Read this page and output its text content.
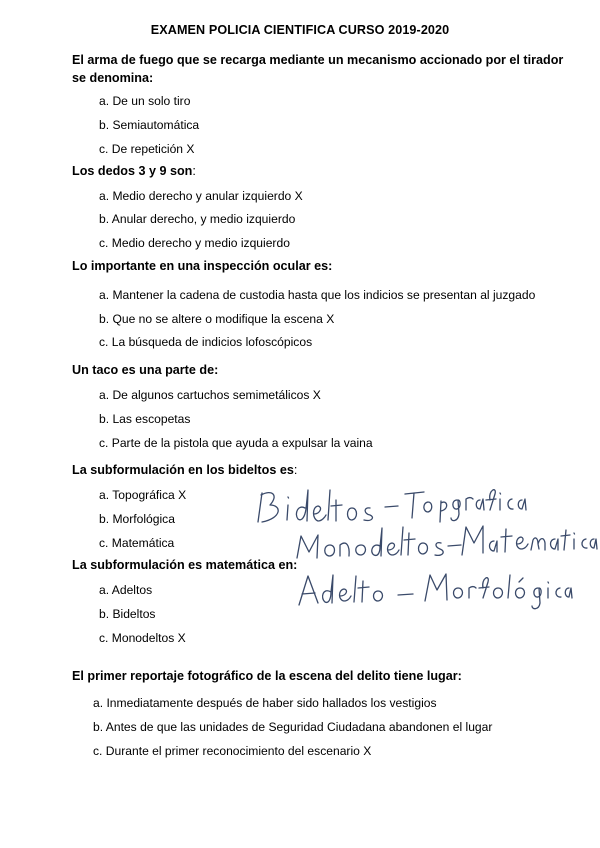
EXAMEN POLICIA CIENTIFICA CURSO 2019-2020
El arma de fuego que se recarga mediante un mecanismo accionado por el tirador se denomina:
a. De un solo tiro
b. Semiautomática
c. De repetición X
Los dedos 3 y 9 son:
a. Medio derecho y anular izquierdo X
b. Anular derecho, y medio izquierdo
c. Medio derecho y medio izquierdo
Lo importante en una inspección ocular es:
a. Mantener la cadena de custodia hasta que los indicios se presentan al juzgado
b. Que no se altere o modifique la escena X
c. La búsqueda de indicios lofoscópicos
Un taco es una parte de:
a. De algunos cartuchos semimetálicos X
b. Las escopetas
c. Parte de la pistola que ayuda a expulsar la vaina
La subformulación en los bideltos es:
a. Topográfica X
b. Morfológica
c. Matemática
La subformulación es matemática en:
a. Adeltos
b. Bideltos
c. Monodeltos X
El primer reportaje fotográfico de la escena del delito tiene lugar:
a. Inmediatamente después de haber sido hallados los vestigios
b. Antes de que las unidades de Seguridad Ciudadana abandonen el lugar
c. Durante el primer reconocimiento del escenario X
